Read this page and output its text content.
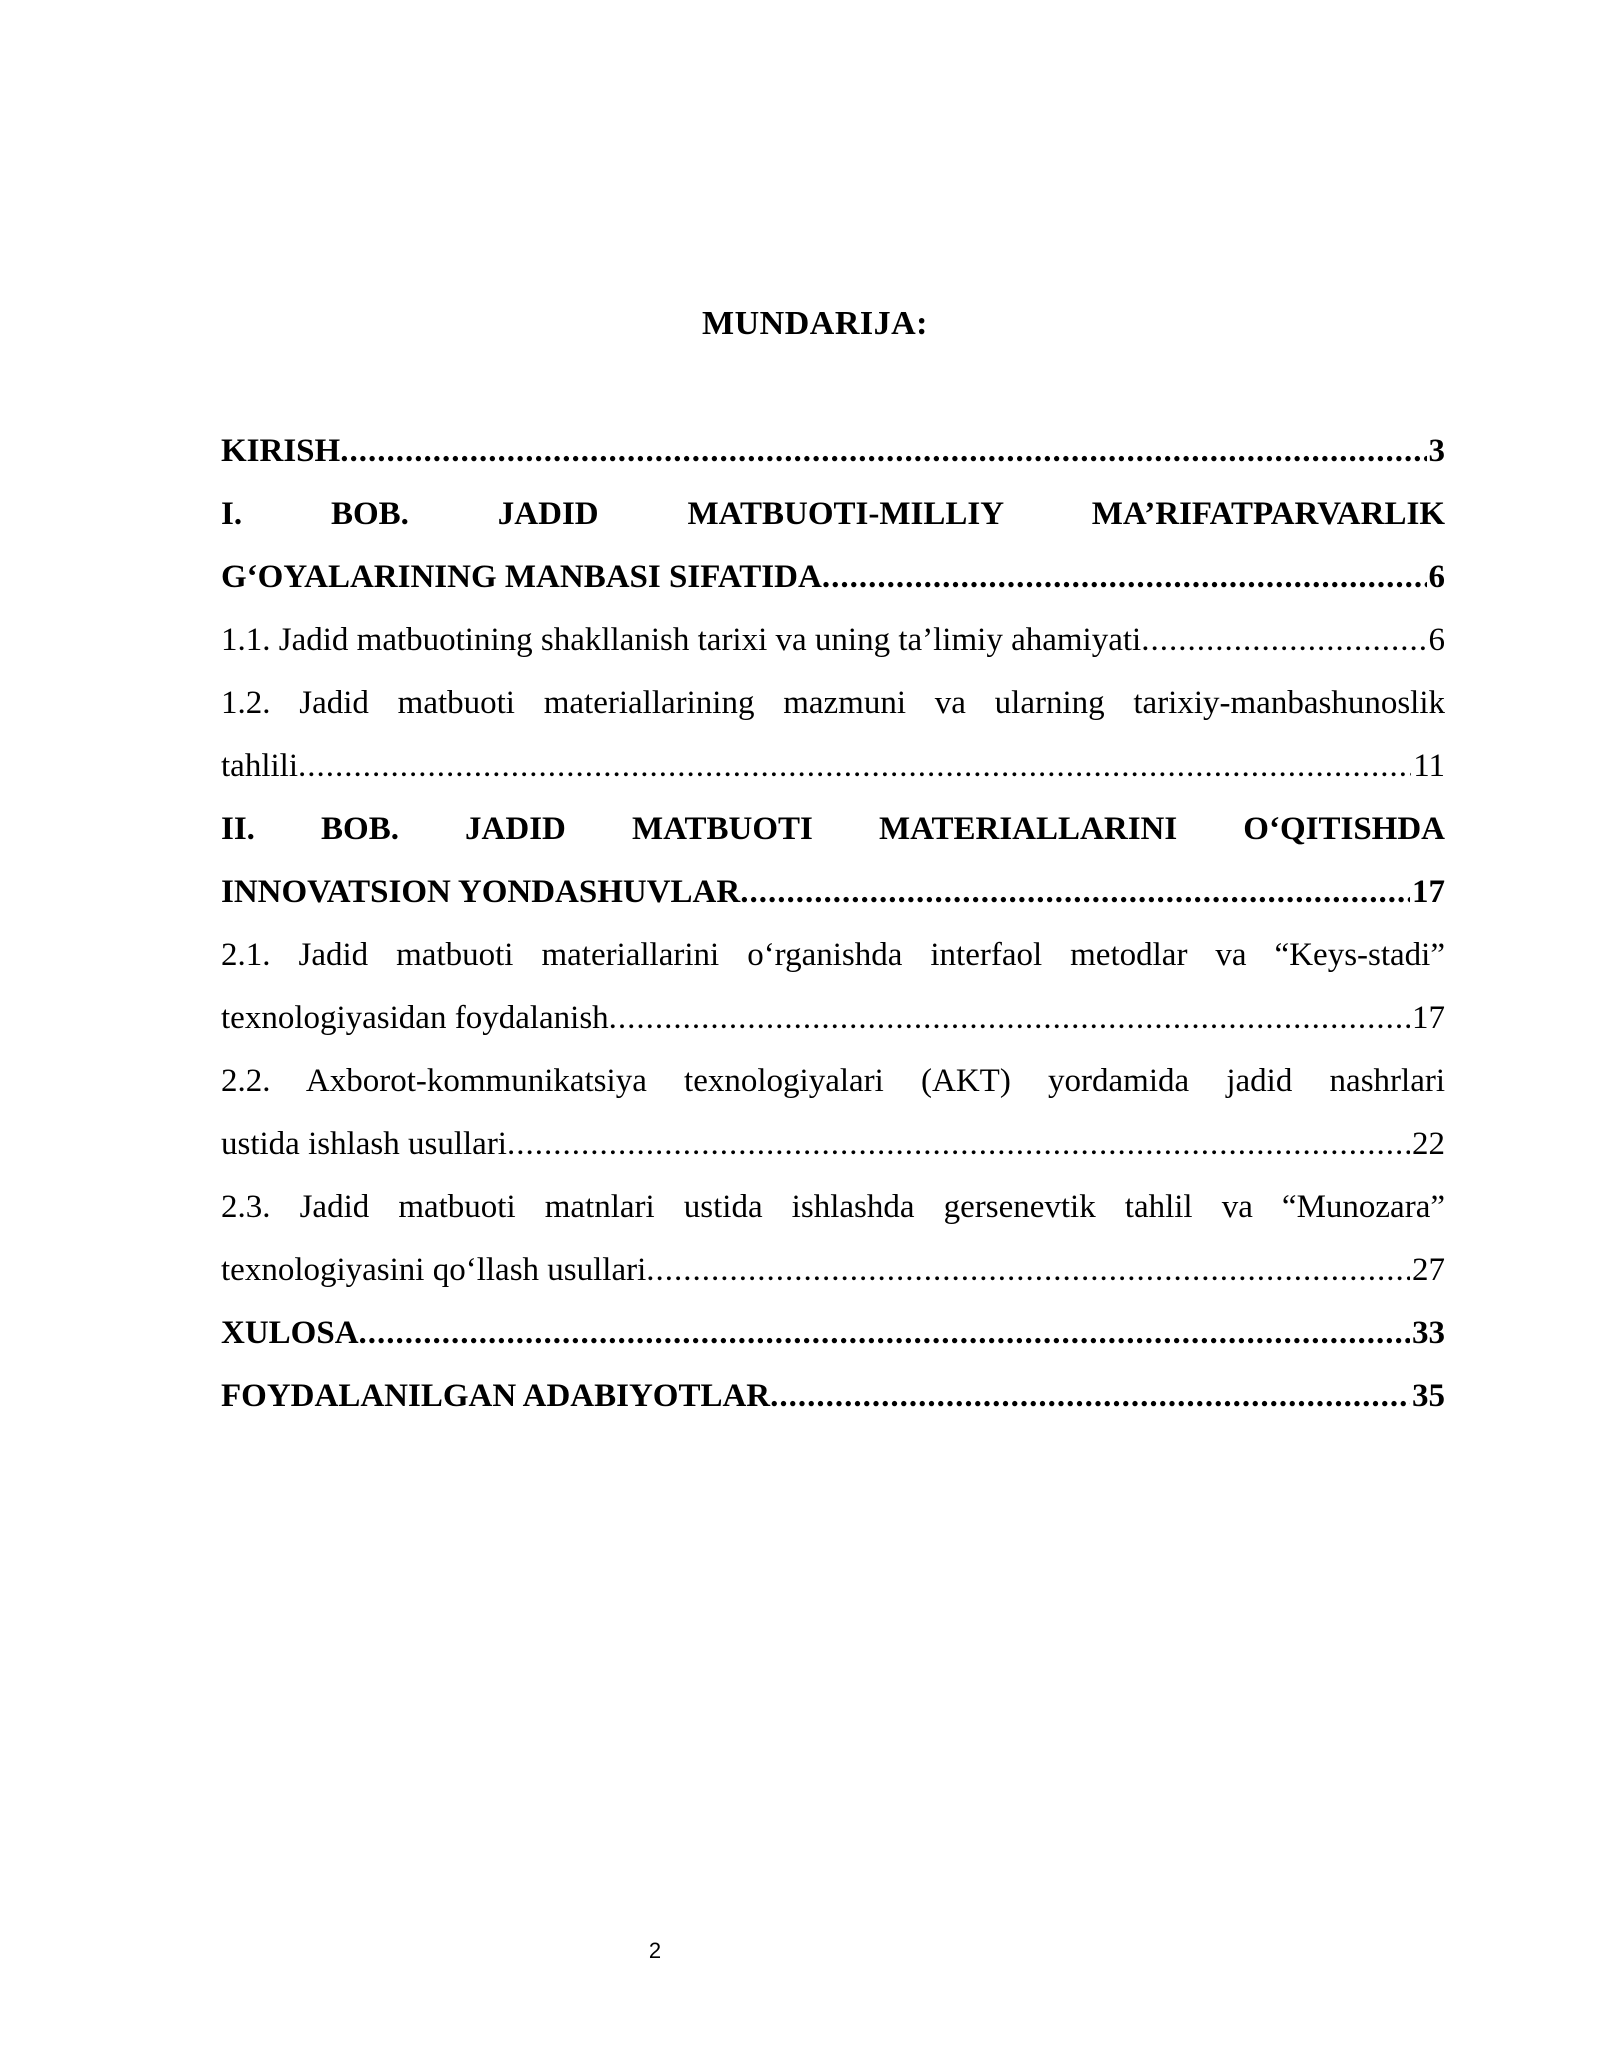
MUNDARIJA:
KIRISH .....	3
I. BOB. JADID MATBUOTI-MILLIY MA’RIFATPARVARLIK
G‘OYALARINING MANBASI SIFATIDA .....	6
1.1. Jadid matbuotining shakllanish tarixi va uning ta’limiy ahamiyati .....	6
1.2. Jadid matbuoti materiallarining mazmuni va ularning tarixiy-manbashunoslik
tahlili .....	11
II. BOB. JADID MATBUOTI MATERIALLARINI O‘QITISHDA
INNOVATSION YONDASHUVLAR .....	17
2.1. Jadid matbuoti materiallarini o‘rganishda interfaol metodlar va “Keys-stadi”
texnologiyasidan foydalanish .....	17
2.2. Axborot-kommunikatsiya texnologiyalari (AKT) yordamida jadid nashrlari
ustida ishlash usullari .....	22
2.3. Jadid matbuoti matnlari ustida ishlashda gersenevtik tahlil va “Munozara”
texnologiyasini qo‘llash usullari .....	27
XULOSA .....	33
FOYDALANILGAN ADABIYOTLAR .....	35
2
